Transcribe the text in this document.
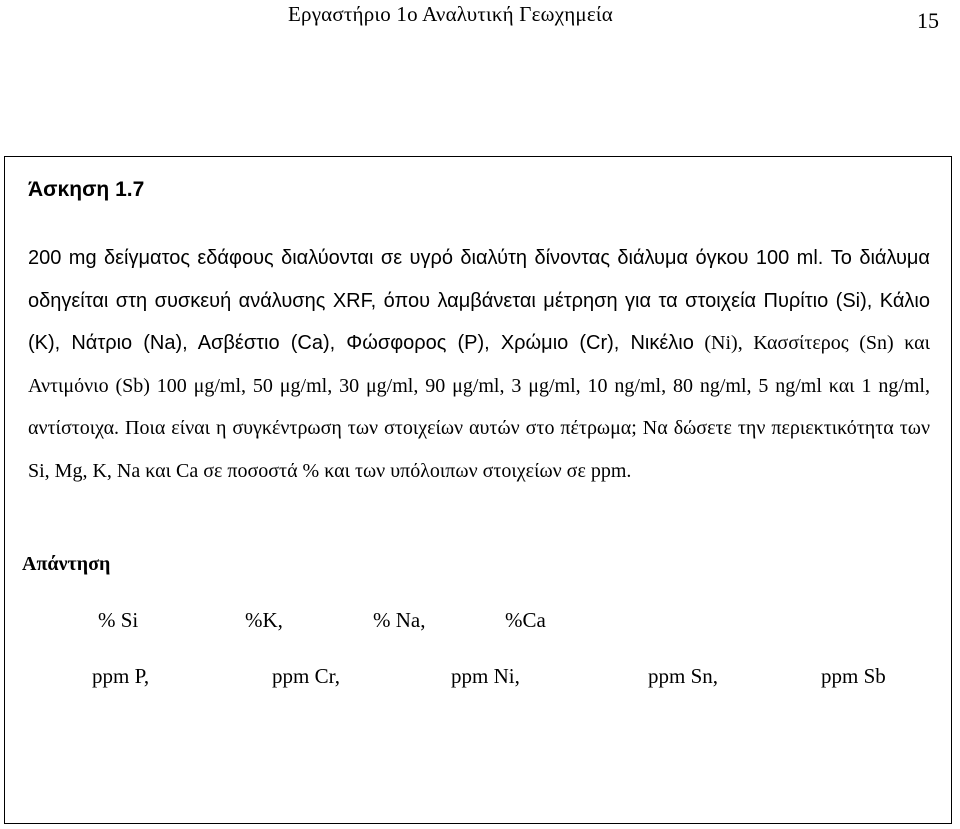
Εργαστήριο 1ο Αναλυτική Γεωχημεία	15
Άσκηση 1.7

200 mg δείγματος εδάφους διαλύονται σε υγρό διαλύτη δίνοντας διάλυμα όγκου 100 ml. Το διάλυμα οδηγείται στη συσκευή ανάλυσης XRF, όπου λαμβάνεται μέτρηση για τα στοιχεία Πυρίτιο (Si), Κάλιο (K), Νάτριο (Na), Ασβέστιο (Ca), Φώσφορος (P), Χρώμιο (Cr), Νικέλιο (Ni), Κασσίτερος (Sn) και Αντιμόνιο (Sb) 100 μg/ml, 50 μg/ml, 30 μg/ml, 90 μg/ml, 3 μg/ml, 10 ng/ml, 80 ng/ml, 5 ng/ml και 1 ng/ml, αντίστοιχα. Ποια είναι η συγκέντρωση των στοιχείων αυτών στο πέτρωμα; Να δώσετε την περιεκτικότητα των Si, Mg, K, Na και Ca σε ποσοστά % και των υπόλοιπων στοιχείων σε ppm.

Απάντηση
% Si	%K,	% Na,	%Ca
ppm P,	ppm Cr,	ppm Ni,	ppm Sn,	ppm Sb
